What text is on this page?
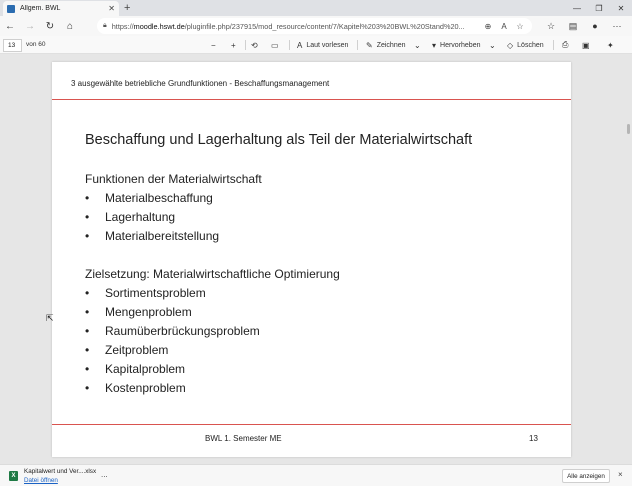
Allgem. BWL	✕ +	—	❐	✕
←	→	↻	⌂	🔒︎ https://moodle.hswt.de/pluginfile.php/237915/mod_resource/content/7/Kapitel%203%20BWL%20Stand%20...	⊕	A	☆	☆	▤	●	···
13	von 60	− + ⟲ ▭ A Laut vorlesen ✎ Zeichnen ⌄ ▾ Hervorheben ⌄ ◇ Löschen ⎙ ▣ ✦
3 ausgewählte betriebliche Grundfunktionen - Beschaffungsmanagement
Beschaffung und Lagerhaltung als Teil der Materialwirtschaft
Funktionen der Materialwirtschaft
• Materialbeschaffung
• Lagerhaltung
• Materialbereitstellung
Zielsetzung: Materialwirtschaftliche Optimierung
• Sortimentsproblem
• Mengenproblem
• Raumüberbrückungsproblem
• Zeitproblem
• Kapitalproblem
• Kostenproblem
BWL 1. Semester ME	13
⇱
X
Kapitalwert und Ver....xlsx
Datei öffnen
...	Alle anzeigen	×
